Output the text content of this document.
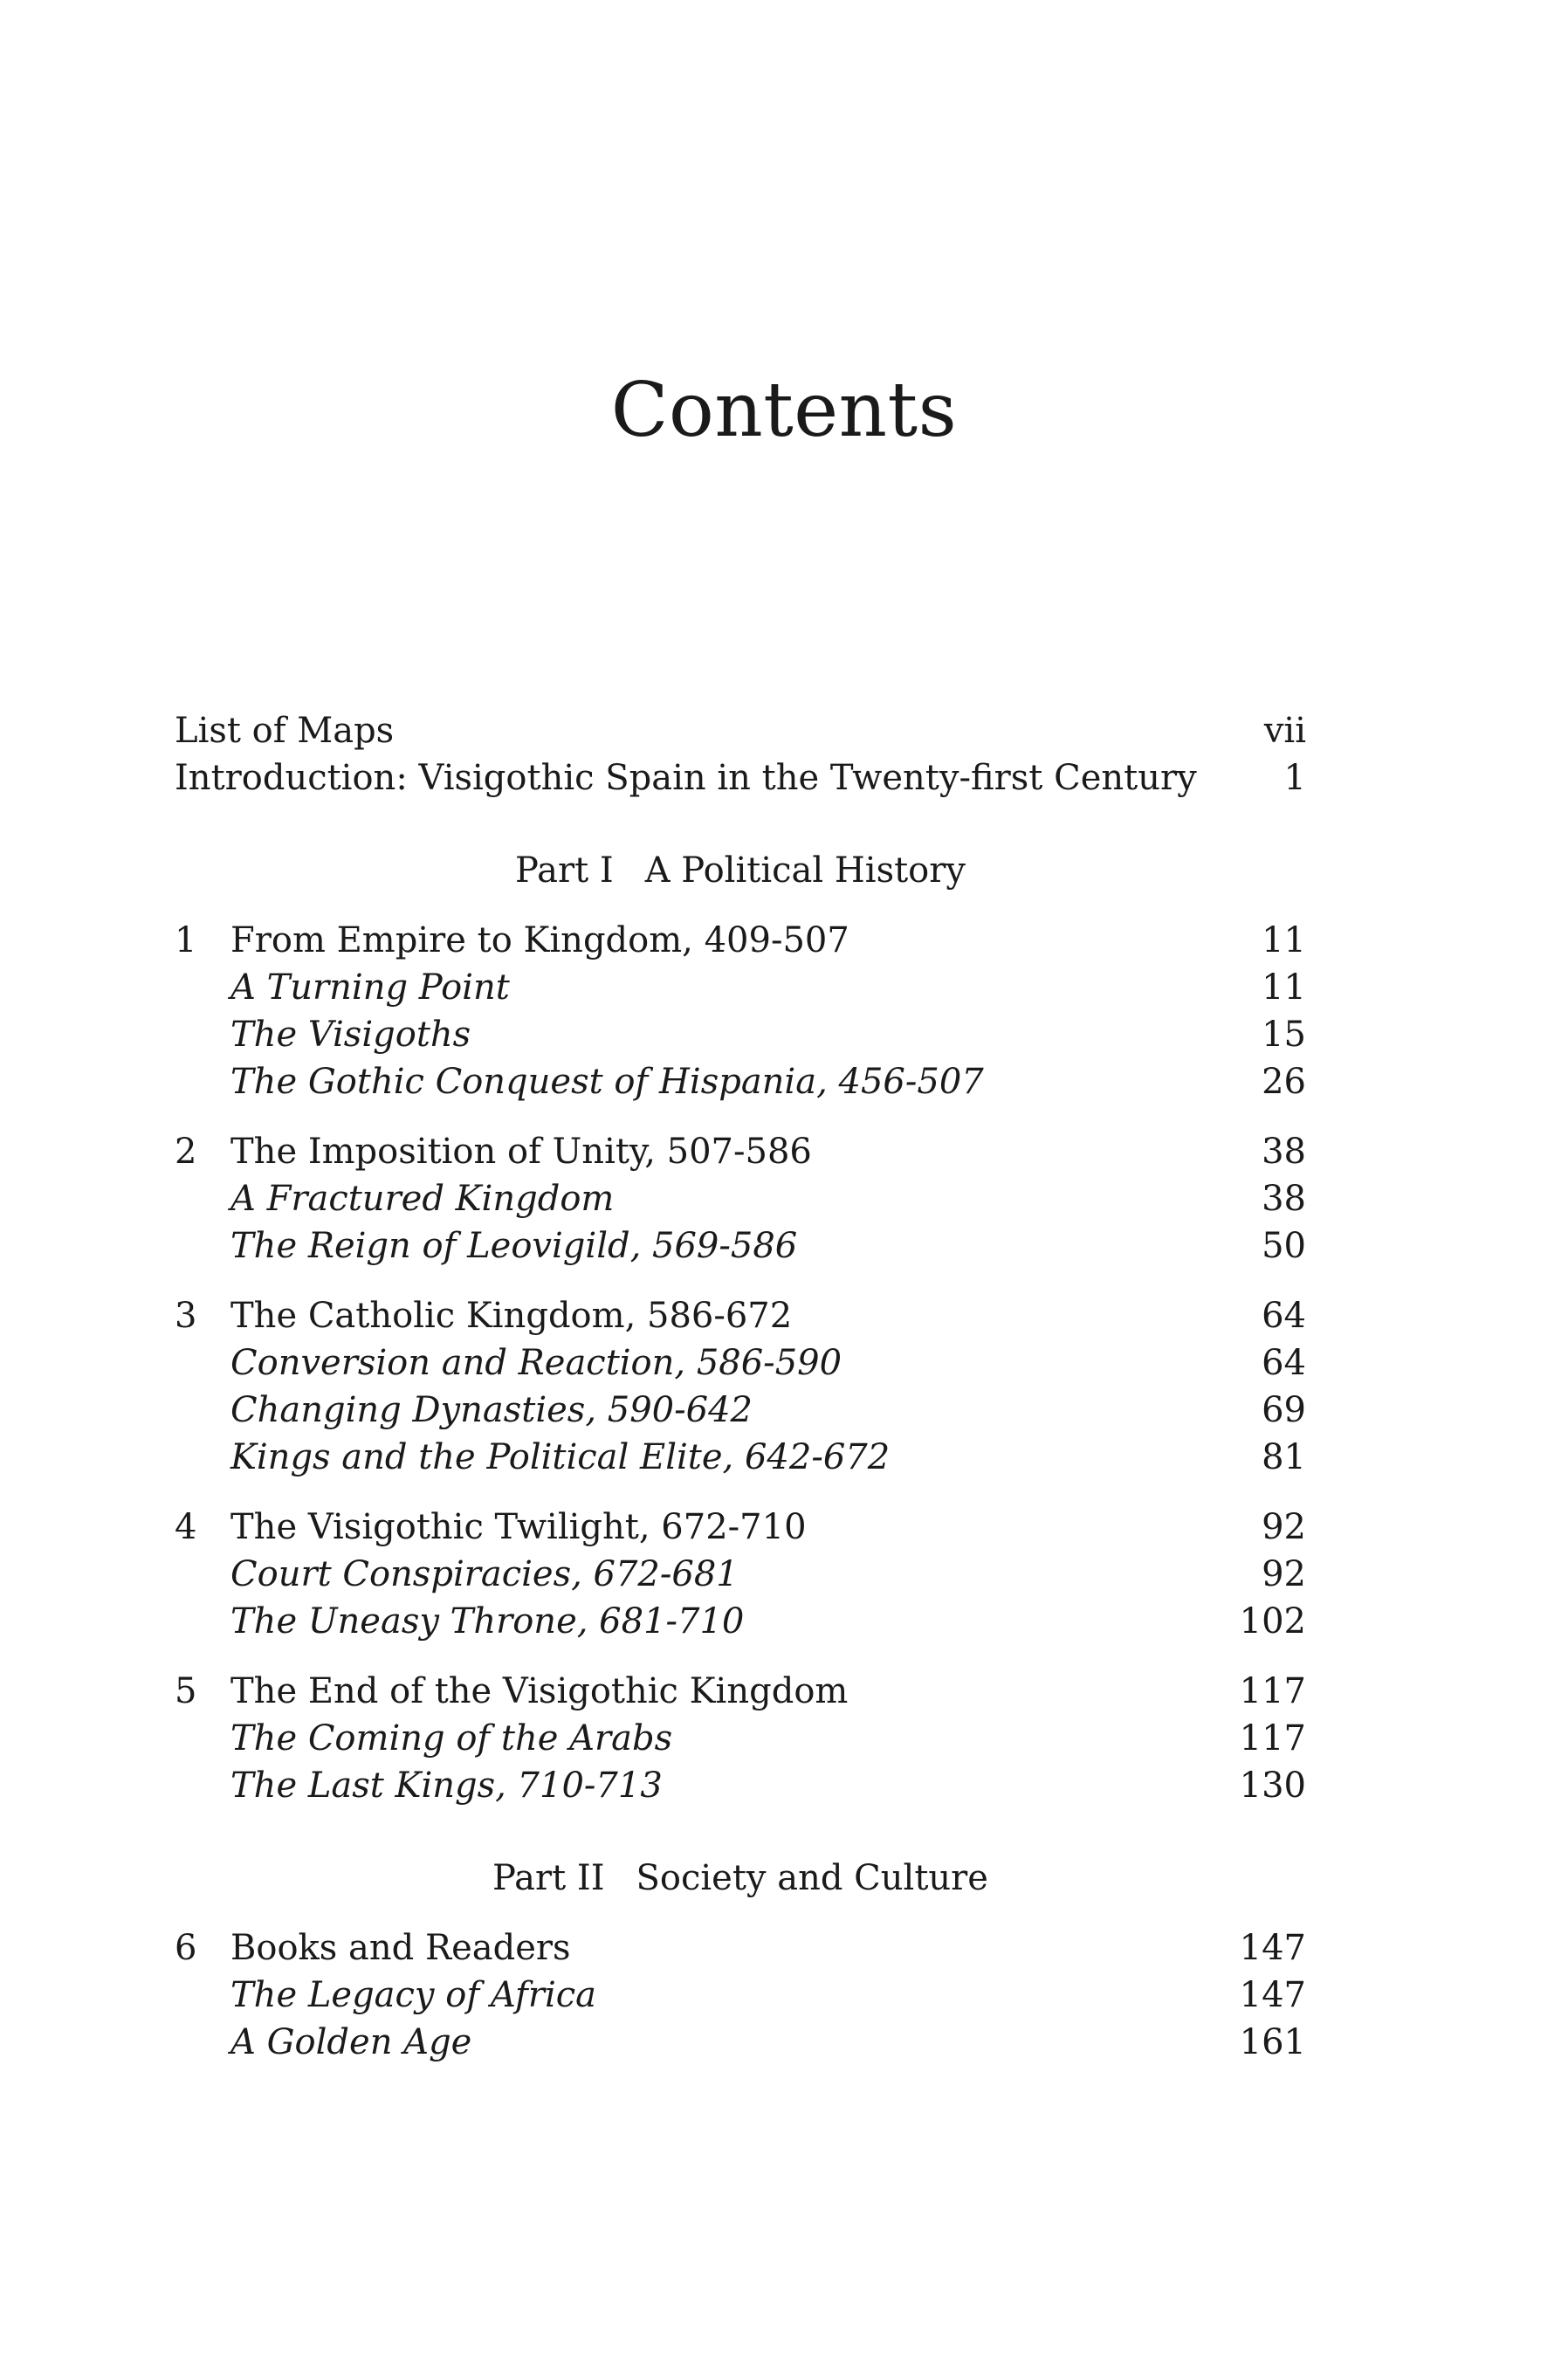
Contents
List of Maps	vii
Introduction: Visigothic Spain in the Twenty-first Century	1
Part I A Political History
1 From Empire to Kingdom, 409-507	11
A Turning Point	11
The Visigoths	15
The Gothic Conquest of Hispania, 456-507	26
2 The Imposition of Unity, 507-586	38
A Fractured Kingdom	38
The Reign of Leovigild, 569-586	50
3 The Catholic Kingdom, 586-672	64
Conversion and Reaction, 586-590	64
Changing Dynasties, 590-642	69
Kings and the Political Elite, 642-672	81
4 The Visigothic Twilight, 672-710	92
Court Conspiracies, 672-681	92
The Uneasy Throne, 681-710	102
5 The End of the Visigothic Kingdom	117
The Coming of the Arabs	117
The Last Kings, 710-713	130
Part II Society and Culture
6 Books and Readers	147
The Legacy of Africa	147
A Golden Age	161
